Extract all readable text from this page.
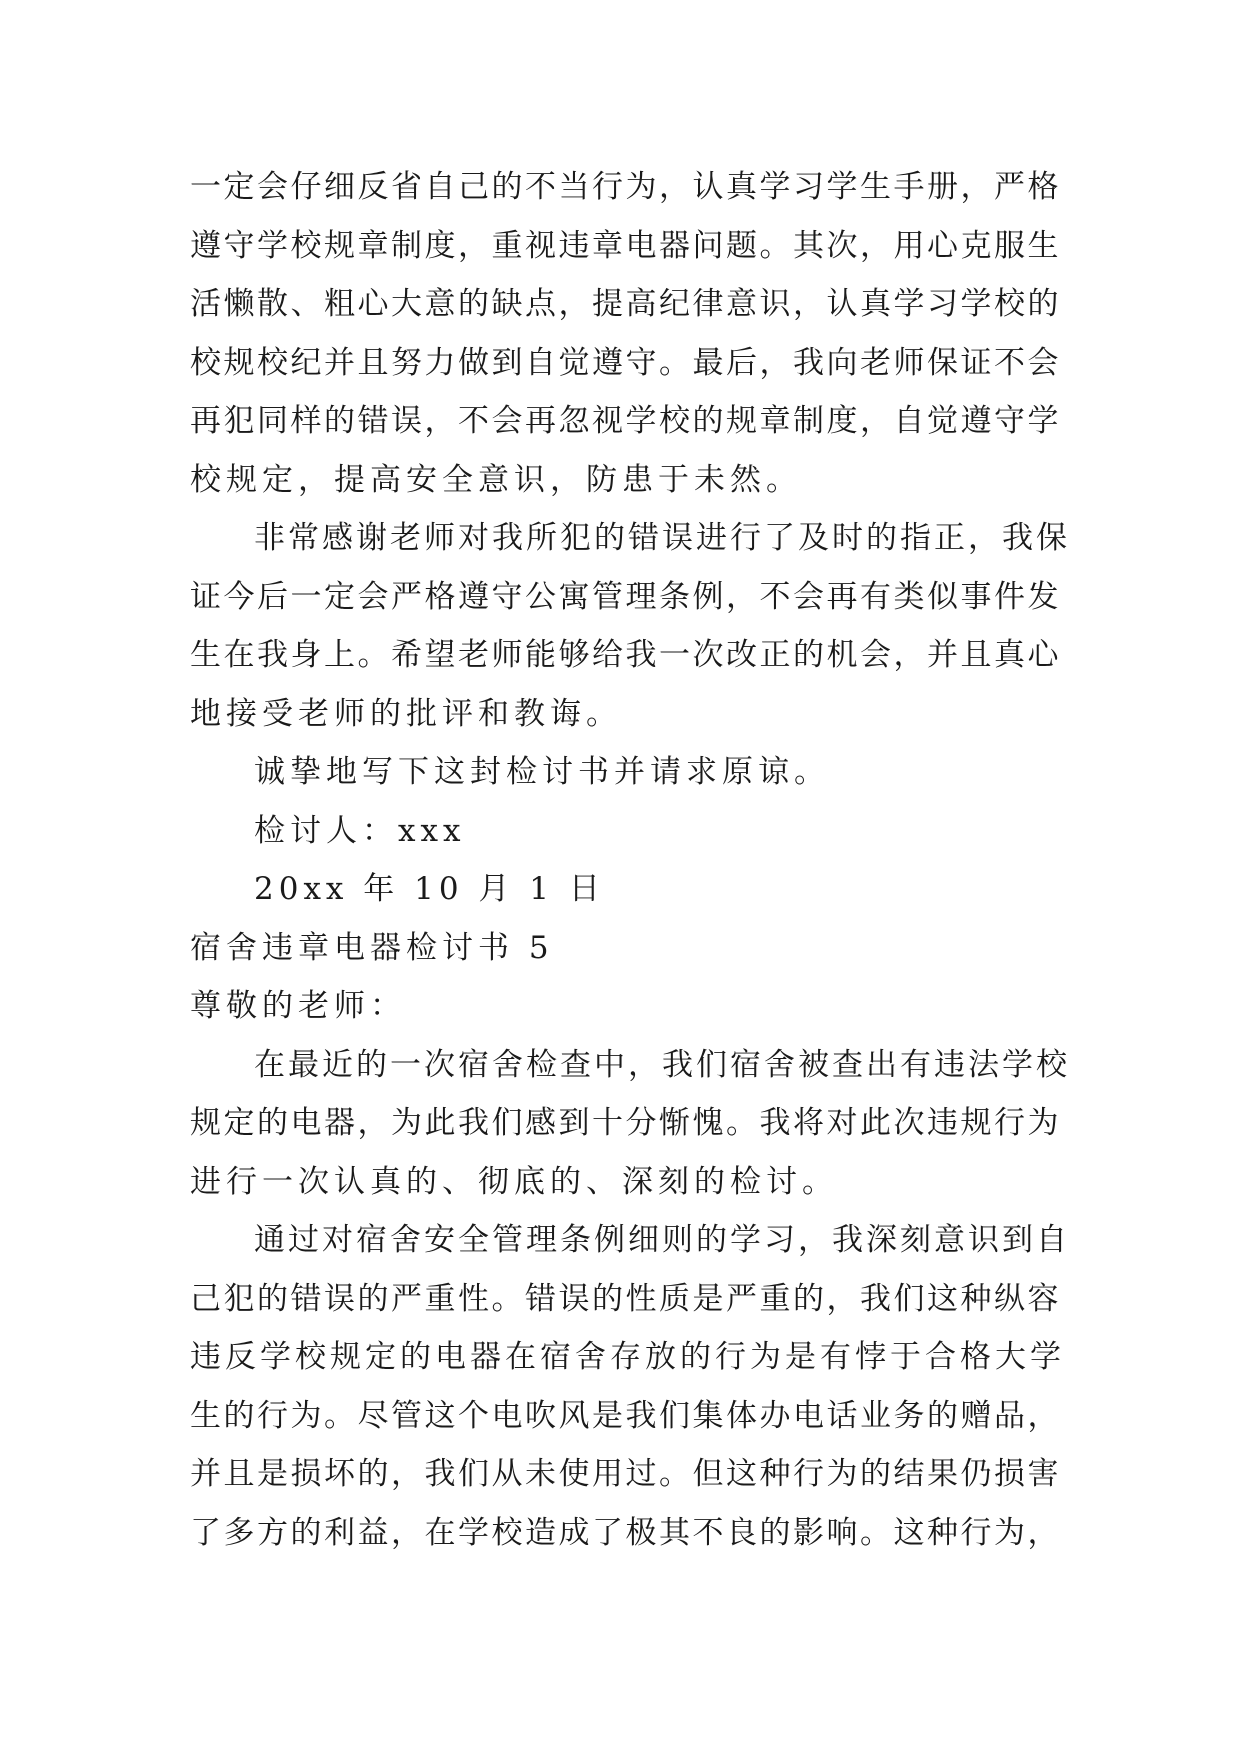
一定会仔细反省自己的不当行为，认真学习学生手册，严格
遵守学校规章制度，重视违章电器问题。其次，用心克服生
活懒散、粗心大意的缺点，提高纪律意识，认真学习学校的
校规校纪并且努力做到自觉遵守。最后，我向老师保证不会
再犯同样的错误，不会再忽视学校的规章制度，自觉遵守学
校规定，提高安全意识，防患于未然。
非常感谢老师对我所犯的错误进行了及时的指正，我保
证今后一定会严格遵守公寓管理条例，不会再有类似事件发
生在我身上。希望老师能够给我一次改正的机会，并且真心
地接受老师的批评和教诲。
诚挚地写下这封检讨书并请求原谅。
检讨人：xxx
20xx 年 10 月 1 日
宿舍违章电器检讨书 5
尊敬的老师：
在最近的一次宿舍检查中，我们宿舍被查出有违法学校
规定的电器，为此我们感到十分惭愧。我将对此次违规行为
进行一次认真的、彻底的、深刻的检讨。
通过对宿舍安全管理条例细则的学习，我深刻意识到自
己犯的错误的严重性。错误的性质是严重的，我们这种纵容
违反学校规定的电器在宿舍存放的行为是有悖于合格大学
生的行为。尽管这个电吹风是我们集体办电话业务的赠品，
并且是损坏的，我们从未使用过。但这种行为的结果仍损害
了多方的利益，在学校造成了极其不良的影响。这种行为，
